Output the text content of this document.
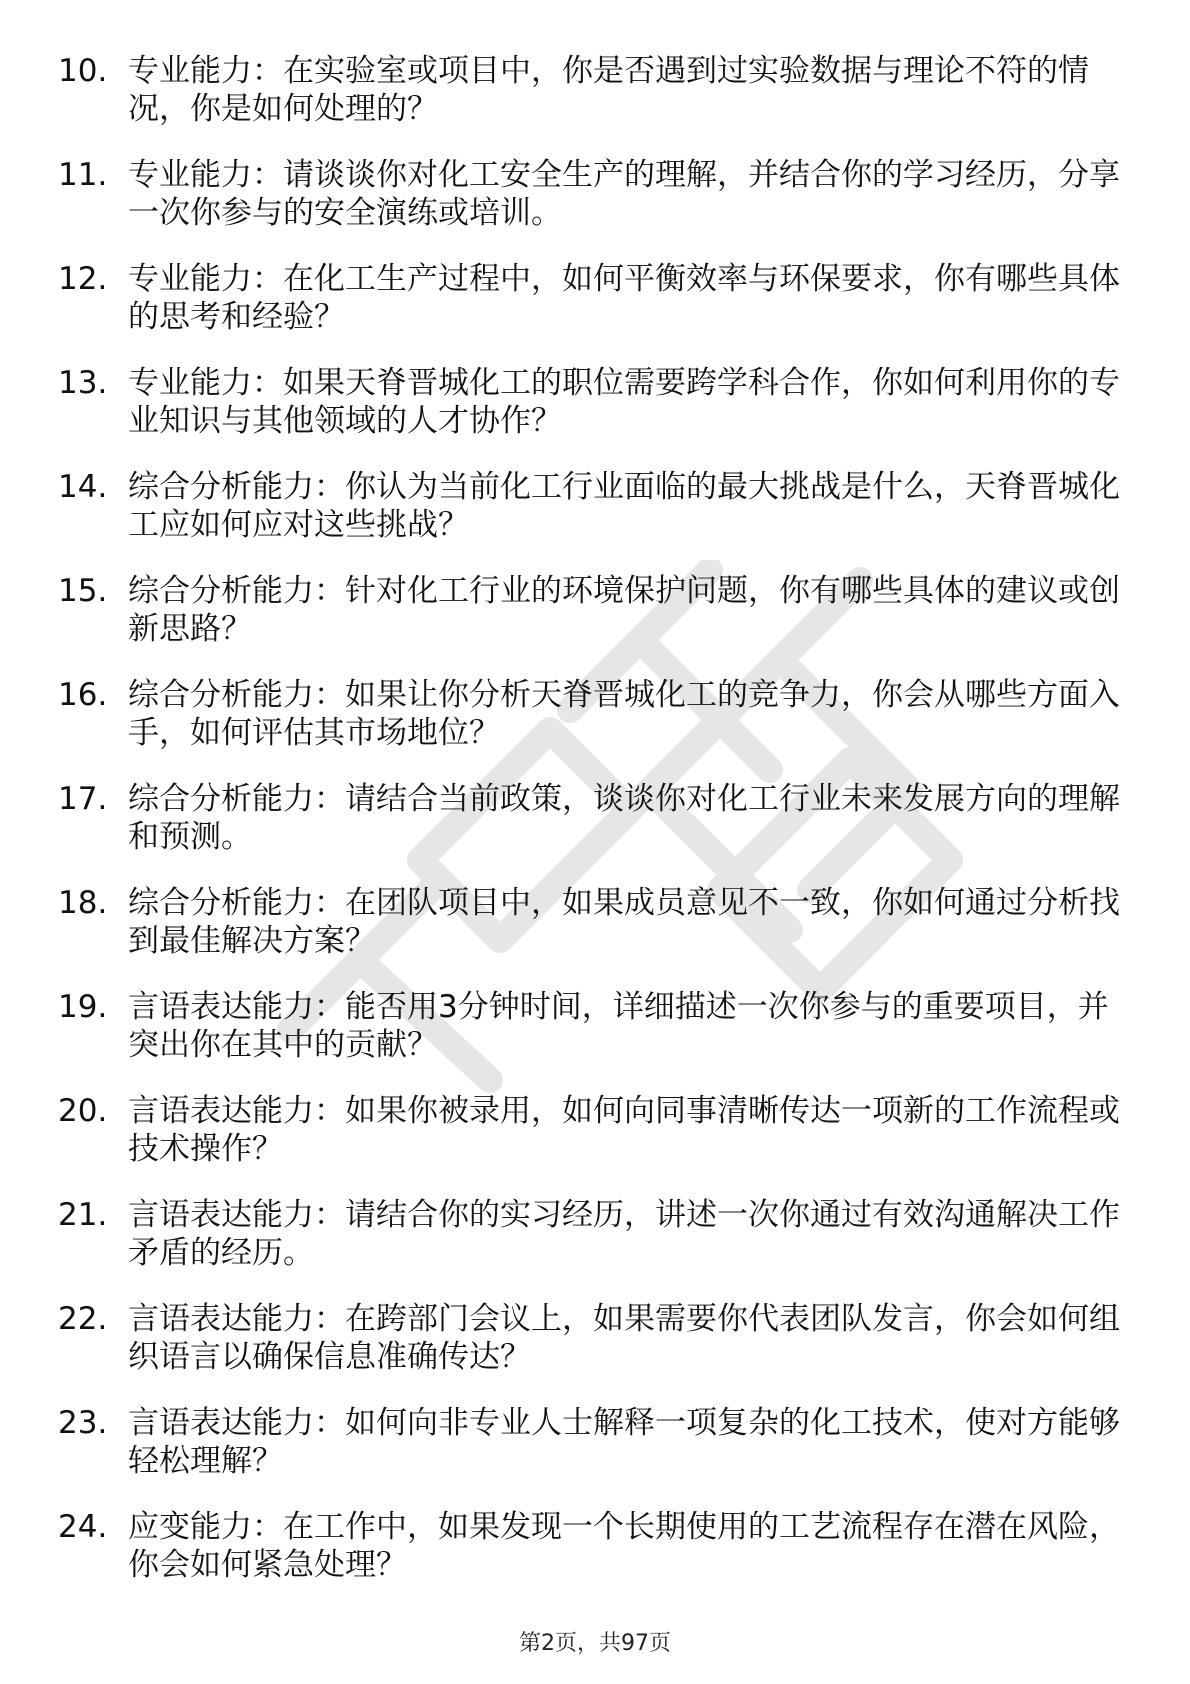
10. 专业能力：在实验室或项目中，你是否遇到过实验数据与理论不符的情况，你是如何处理的？
11. 专业能力：请谈谈你对化工安全生产的理解，并结合你的学习经历，分享一次你参与的安全演练或培训。
12. 专业能力：在化工生产过程中，如何平衡效率与环保要求，你有哪些具体的思考和经验？
13. 专业能力：如果天脊晋城化工的职位需要跨学科合作，你如何利用你的专业知识与其他领域的人才协作？
14. 综合分析能力：你认为当前化工行业面临的最大挑战是什么，天脊晋城化工应如何应对这些挑战？
15. 综合分析能力：针对化工行业的环境保护问题，你有哪些具体的建议或创新思路？
16. 综合分析能力：如果让你分析天脊晋城化工的竞争力，你会从哪些方面入手，如何评估其市场地位？
17. 综合分析能力：请结合当前政策，谈谈你对化工行业未来发展方向的理解和预测。
18. 综合分析能力：在团队项目中，如果成员意见不一致，你如何通过分析找到最佳解决方案？
19. 言语表达能力：能否用3分钟时间，详细描述一次你参与的重要项目，并突出你在其中的贡献？
20. 言语表达能力：如果你被录用，如何向同事清晰传达一项新的工作流程或技术操作？
21. 言语表达能力：请结合你的实习经历，讲述一次你通过有效沟通解决工作矛盾的经历。
22. 言语表达能力：在跨部门会议上，如果需要你代表团队发言，你会如何组织语言以确保信息准确传达？
23. 言语表达能力：如何向非专业人士解释一项复杂的化工技术，使对方能够轻松理解？
24. 应变能力：在工作中，如果发现一个长期使用的工艺流程存在潜在风险，你会如何紧急处理？
第2页，共97页
